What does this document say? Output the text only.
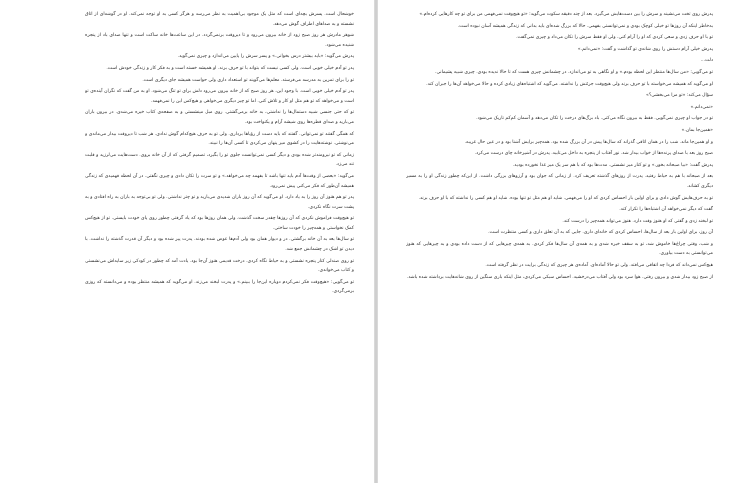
خوشحال است. پسرش بچه‌ای است که مثل یک موجود بی‌اهمیت به نظر می‌رسد و هرگز کسی به او توجه نمی‌کند. او در گوشه‌ای از اتاق نشسته و به صداهای اطراف گوش می‌دهد.

شوهر مادرش هر روز صبح زود از خانه بیرون می‌رود و تا دیروقت برنمی‌گردد. در این ساعت‌ها خانه ساکت است و تنها صدای باد از پنجره شنیده می‌شود.

پدرش می‌گوید: «باید بیشتر درس بخوانی.» و پسر سرش را پایین می‌اندازد و چیزی نمی‌گوید.

پدر تو آدم خیلی خوبی است. ولی کسی نیست که بتواند با تو حرف بزند. او همیشه خسته است و به فکر کار و زندگی خودش است.

تو را برای تمرین به مدرسه می‌فرستد. معلم‌ها می‌گویند تو استعداد داری ولی حواست همیشه جای دیگری است.

پدر تو آدم خیلی خوبی است. با وجود این، هر روز صبح که از خانه بیرون می‌رود دلش برای تو تنگ می‌شود. او به من گفت که نگران آینده‌ی تو است و می‌خواهد که تو هم مثل او کار و تلاش کنی. اما تو چیز دیگری می‌خواهی و هیچ‌کس این را نمی‌فهمد.

تو که حتی جنسی شبیه دستمال‌ها را نداشتی، به خانه برمی‌گشتی. روی مبل مینشستی و به صفحه‌ی کتاب خیره می‌شدی. در بیرون باران می‌بارید و صدای قطره‌ها روی شیشه آرام و یکنواخت بود.

که همگی گفتند تو نمی‌توانی. گفتند که باید دست از رؤیاها برداری. ولی تو به حرف هیچ‌کدام گوش ندادی. هر شب تا دیروقت بیدار می‌ماندی و می‌نوشتی. نوشته‌هایت را در کشوی میز پنهان می‌کردی تا کسی آن‌ها را نبیند.

زمانی که تو نیرومندتر شده بودی و دیگر کسی نمی‌توانست جلوی تو را بگیرد، تصمیم گرفتی که از آن خانه بروی. دست‌هایت می‌لرزید و قلبت تند می‌زد.

می‌گوید: «بعضی از وقت‌ها آدم باید تنها باشد تا بفهمد چه می‌خواهد.» و تو سرت را تکان دادی و چیزی نگفتی. در آن لحظه فهمیدی که زندگی همیشه آن‌طور که فکر می‌کنی پیش نمی‌رود.

پدر تو هم هنوز آن روز را به یاد دارد. او می‌گوید که آن روز باران شدیدی می‌بارید و تو چتر نداشتی. ولی تو بی‌توجه به باران به راه افتادی و به پشت سرت نگاه نکردی.

تو هیچ‌وقت فراموش نکردی که آن روزها چقدر سخت گذشت. ولی همان روزها بود که یاد گرفتی چطور روی پای خودت بایستی. تو از هیچ‌کس کمک نخواستی و همه‌چیز را خودت ساختی.

تو سال‌ها بعد به آن خانه برگشتی. در و دیوار همان بود ولی آدم‌ها عوض شده بودند. پدرت پیر شده بود و دیگر آن قدرت گذشته را نداشت. با دیدن تو اشک در چشمانش جمع شد.

تو روی صندلی کنار پنجره نشستی و به حیاط نگاه کردی. درخت قدیمی هنوز آن‌جا بود. یادت آمد که چطور در کودکی زیر سایه‌اش می‌نشستی و کتاب می‌خواندی.

تو می‌گویی: «هیچ‌وقت فکر نمی‌کردم دوباره این‌جا را ببینم.» و پدرت لبخند می‌زند. او می‌گوید که همیشه منتظر بوده و می‌دانسته که روزی برمی‌گردی.

پدرش روی تخت می‌نشیند و سرش را بین دست‌هایش می‌گیرد. بعد از چند دقیقه سکوت می‌گوید: «تو هیچ‌وقت نمی‌فهمی من برای تو چه کارهایی کرده‌ام.»

به‌خاطر اینکه آن روزها تو خیلی کوچک بودی و نمی‌توانستی بفهمی. حالا که بزرگ شده‌ای باید بدانی که زندگی همیشه آسان نبوده است.

تو با او حرف زدی و سعی کردی که او را آرام کنی. ولی او فقط سرش را تکان می‌داد و چیزی نمی‌گفت.

پدرش خیلی آرام دستش را روی شانه‌ی تو گذاشت و گفت: «نمی‌دانم.»

دلت...

تو می‌گویی: «من سال‌ها منتظر این لحظه بودم.» و او نگاهی به تو می‌اندازد. در چشمانش چیزی هست که تا حالا ندیده بودی. چیزی شبیه پشیمانی.

او می‌گوید که همیشه می‌خواسته با تو حرف بزند ولی هیچ‌وقت جرئتش را نداشته. می‌گوید که اشتباه‌های زیادی کرده و حالا می‌خواهد آن‌ها را جبران کند.

سؤال می‌کند: «تو مرا می‌بخشی؟»

«نمی‌دانم.»

تو در جواب او چیزی نمی‌گویی. فقط به بیرون نگاه می‌کنی. باد برگ‌های درخت را تکان می‌دهد و آسمان کم‌کم تاریک می‌شود.

«همین‌جا بمان.»

و او همین‌جا ماند. شب را در همان اتاقی گذراند که سال‌ها پیش در آن بزرگ شده بود. همه‌چیز برایش آشنا بود و در عین حال غریبه.

صبح روز بعد با صدای پرنده‌ها از خواب بیدار شد. نور آفتاب از پنجره به داخل می‌تابید. پدرش در آشپزخانه چای درست می‌کرد.

پدرش گفت: «بیا صبحانه بخور.» و تو کنار میز نشستی. مدت‌ها بود که با هم سر یک میز غذا نخورده بودید.

بعد از صبحانه با هم به حیاط رفتید. پدرت از روزهای گذشته تعریف کرد. از زمانی که جوان بود و آرزوهای بزرگی داشت. از این‌که چطور زندگی او را به مسیر دیگری کشاند.

تو به حرف‌هایش گوش دادی و برای اولین بار احساس کردی که او را می‌فهمی. شاید او هم مثل تو تنها بوده. شاید او هم کسی را نداشته که با او حرف بزند.

گفت که دیگر نمی‌خواهد آن اشتباه‌ها را تکرار کند.

تو لبخند زدی و گفتی که او هنوز وقت دارد. هنوز می‌تواند همه‌چیز را درست کند.

آن روز، برای اولین بار بعد از سال‌ها، احساس کردی که خانه‌ای داری. جایی که به آن تعلق داری و کسی منتظرت است.

و شب، وقتی چراغ‌ها خاموش شد، تو به سقف خیره شدی و به همه‌ی آن سال‌ها فکر کردی. به همه‌ی چیزهایی که از دست داده بودی و به چیزهایی که هنوز می‌توانستی به دست بیاوری.

هیچ‌کس نمی‌داند که فردا چه اتفاقی می‌افتد. ولی تو حالا آماده‌ای. آماده‌ی هر چیزی که زندگی برایت در نظر گرفته است.

از صبح زود بیدار شدی و بیرون رفتی. هوا سرد بود ولی آفتاب می‌درخشید. احساس سبکی می‌کردی، مثل اینکه باری سنگین از روی شانه‌هایت برداشته شده باشد.
